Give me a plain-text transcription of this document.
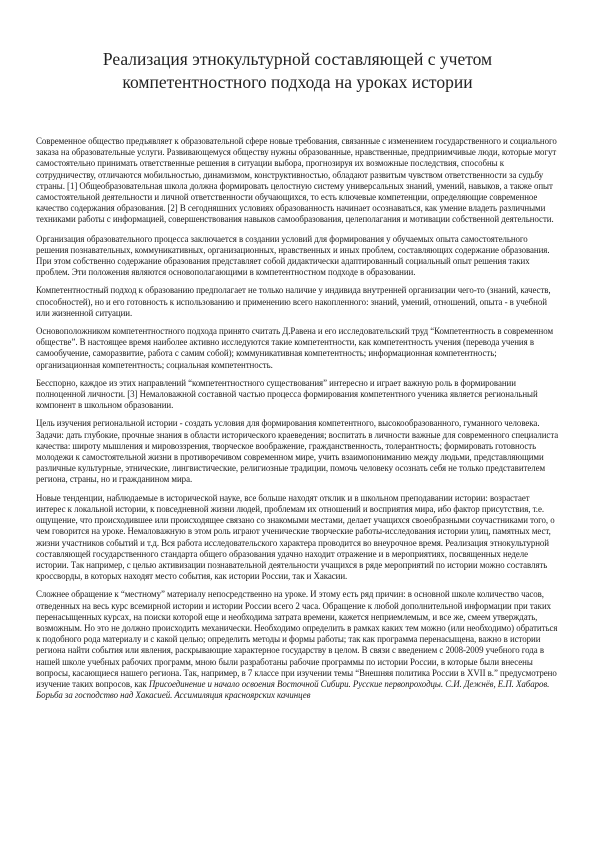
Реализация этнокультурной составляющей с учетом компетентностного подхода на уроках истории

Современное общество предъявляет к образовательной сфере новые требования, связанные с изменением государственного и социального заказа на образовательные услуги. Развивающемуся обществу нужны образованные, нравственные, предприимчивые люди, которые могут самостоятельно принимать ответственные решения в ситуации выбора, прогнозируя их возможные последствия, способны к сотрудничеству, отличаются мобильностью, динамизмом, конструктивностью, обладают развитым чувством ответственности за судьбу страны. [1] Общеобразовательная школа должна формировать целостную систему универсальных знаний, умений, навыков, а также опыт самостоятельной деятельности и личной ответственности обучающихся, то есть ключевые компетенции, определяющие современное качество содержания образования. [2] В сегодняшних условиях образованность начинает осознаваться, как умение владеть различными техниками работы с информацией, совершенствования навыков самообразования, целеполагания и мотивации собственной деятельности.

Организация образовательного процесса заключается в создании условий для формирования у обучаемых опыта самостоятельного решения познавательных, коммуникативных, организационных, нравственных и иных проблем, составляющих содержание образования. При этом собственно содержание образования представляет собой дидактически адаптированный социальный опыт решения таких проблем. Эти положения являются основополагающими в компетентностном подходе в образовании.

Компетентностный подход к образованию предполагает не только наличие у индивида внутренней организации чего-то (знаний, качеств, способностей), но и его готовность к использованию и применению всего накопленного: знаний, умений, отношений, опыта - в учебной или жизненной ситуации.

Основоположником компетентностного подхода принято считать Д.Равена и его исследовательский труд “Компетентность в современном обществе”. В настоящее время наиболее активно исследуются такие компетентности, как компетентность учения (перевода учения в самообучение, саморазвитие, работа с самим собой); коммуникативная компетентность; информационная компетентность; организационная компетентность; социальная компетентность.

Бесспорно, каждое из этих направлений “компетентностного существования” интересно и играет важную роль в формировании полноценной личности. [3] Немаловажной составной частью процесса формирования компетентного ученика является региональный компонент в школьном образовании.

Цель изучения региональной истории - создать условия для формирования компетентного, высокообразованного, гуманного человека. Задачи: дать глубокие, прочные знания в области исторического краеведения; воспитать в личности важные для современного специалиста качества: широту мышления и мировоззрения, творческое воображение, гражданственность, толерантность; формировать готовность молодежи к самостоятельной жизни в противоречивом современном мире, учить взаимопониманию между людьми, представляющими различные культурные, этнические, лингвистические, религиозные традиции, помочь человеку осознать себя не только представителем региона, страны, но и гражданином мира.

Новые тенденции, наблюдаемые в исторической науке, все больше находят отклик и в школьном преподавании истории: возрастает интерес к локальной истории, к повседневной жизни людей, проблемам их отношений и восприятия мира, ибо фактор присутствия, т.е. ощущение, что происходившее или происходящее связано со знакомыми местами, делает учащихся своеобразными соучастниками того, о чем говорится на уроке. Немаловажную в этом роль играют ученические творческие работы-исследования истории улиц, памятных мест, жизни участников событий и т.д. Вся работа исследовательского характера проводится во внеурочное время. Реализация этнокультурной составляющей государственного стандарта общего образования удачно находит отражение и в мероприятиях, посвященных неделе истории. Так например, с целью активизации познавательной деятельности учащихся в ряде мероприятий по истории можно составлять кроссворды, в которых находят место события, как истории России, так и Хакасии.

Сложнее обращение к “местному” материалу непосредственно на уроке. И этому есть ряд причин: в основной школе количество часов, отведенных на весь курс всемирной истории и истории России всего 2 часа. Обращение к любой дополнительной информации при таких перенасыщенных курсах, на поиски которой еще и необходима затрата времени, кажется неприемлемым, и все же, смеем утверждать, возможным. Но это не должно происходить механически. Необходимо определить в рамках каких тем можно (или необходимо) обратиться к подобного рода материалу и с какой целью; определить методы и формы работы; так как программа перенасыщена, важно в истории региона найти события или явления, раскрывающие характерное государству в целом. В связи с введением с 2008-2009 учебного года в нашей школе учебных рабочих программ, мною были разработаны рабочие программы по истории России, в которые были внесены вопросы, касающиеся нашего региона. Так, например, в 7 классе при изучении темы “Внешняя политика России в XVII в.” предусмотрено изучение таких вопросов, как Присоединение и начало освоения Восточной Сибири. Русские первопроходцы. С.И. Дежнёв, Е.П. Хабаров. Борьба за господство над Хакасией. Ассимиляция красноярских качинцев
